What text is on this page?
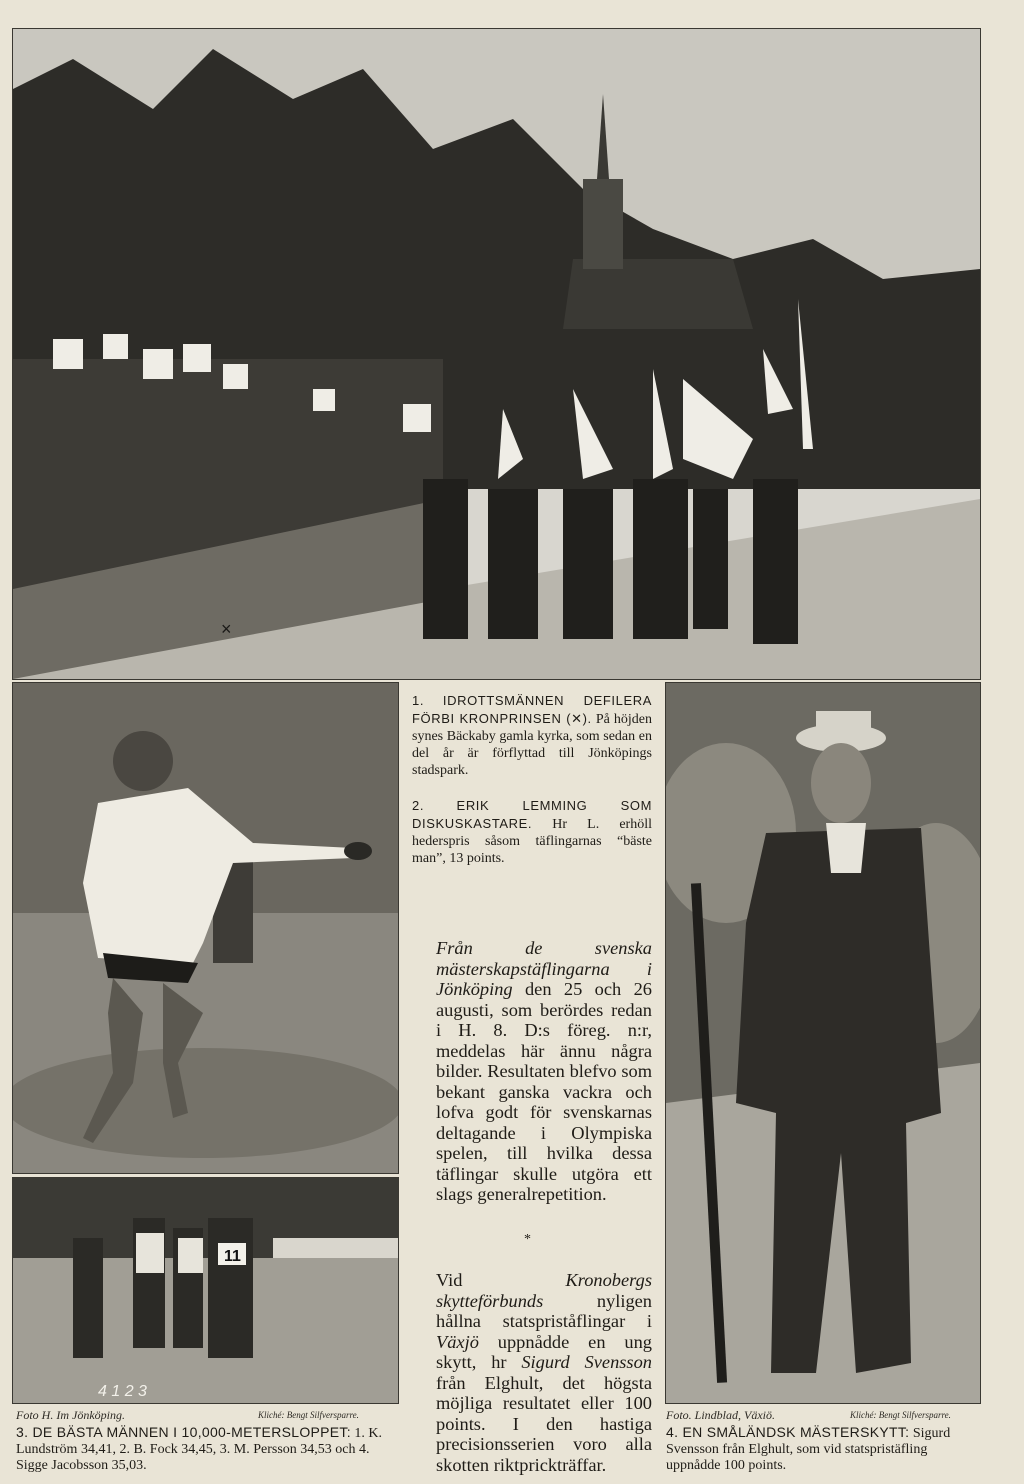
×
11
4 1 2 3

1. IDROTTSMÄNNEN DEFILERA FÖRBI KRONPRINSEN (✕). På höjden synes Bäckaby gamla kyrka, som sedan en del år är förflyttad till Jönköpings stadspark.

2.	ERIK LEMMING SOM DISKUSKASTARE. Hr L. erhöll hederspris såsom täflingarnas “bäste man”, 13 points.

Från de svenska mästerskapstäflingarna i Jönköping den 25 och 26 augusti, som berördes redan i H. 8. D:s föreg. n:r, meddelas här ännu några bilder. Resultaten blefvo som bekant ganska vackra och lofva godt för svenskarnas deltagande i Olympiska spelen, till hvilka dessa täflingar skulle utgöra ett slags generalrepetition.
*
Vid Kronobergs skytteförbunds nyligen hållna statspriståflingar i Växjö uppnådde en ung skytt, hr Sigurd Svensson från Elghult, det högsta möjliga resultatet eller 100 points. I den hastiga precisionsserien voro alla skotten riktprickträffar.
Foto H. Im Jönköping.	Kliché: Bengt Silfversparre.	Foto. Lindblad, Växiö.	Kliché: Bengt Silfversparre.
3. DE BÄSTA MÄNNEN I 10,000-METERSLOPPET: 1. K. Lundström 34,41, 2. B. Fock 34,45, 3. M. Persson 34,53 och 4. Sigge Jacobsson 35,03.
4. EN SMÅLÄNDSK MÄSTERSKYTT: Sigurd Svensson från Elghult, som vid statspristäfling uppnådde 100 points.
